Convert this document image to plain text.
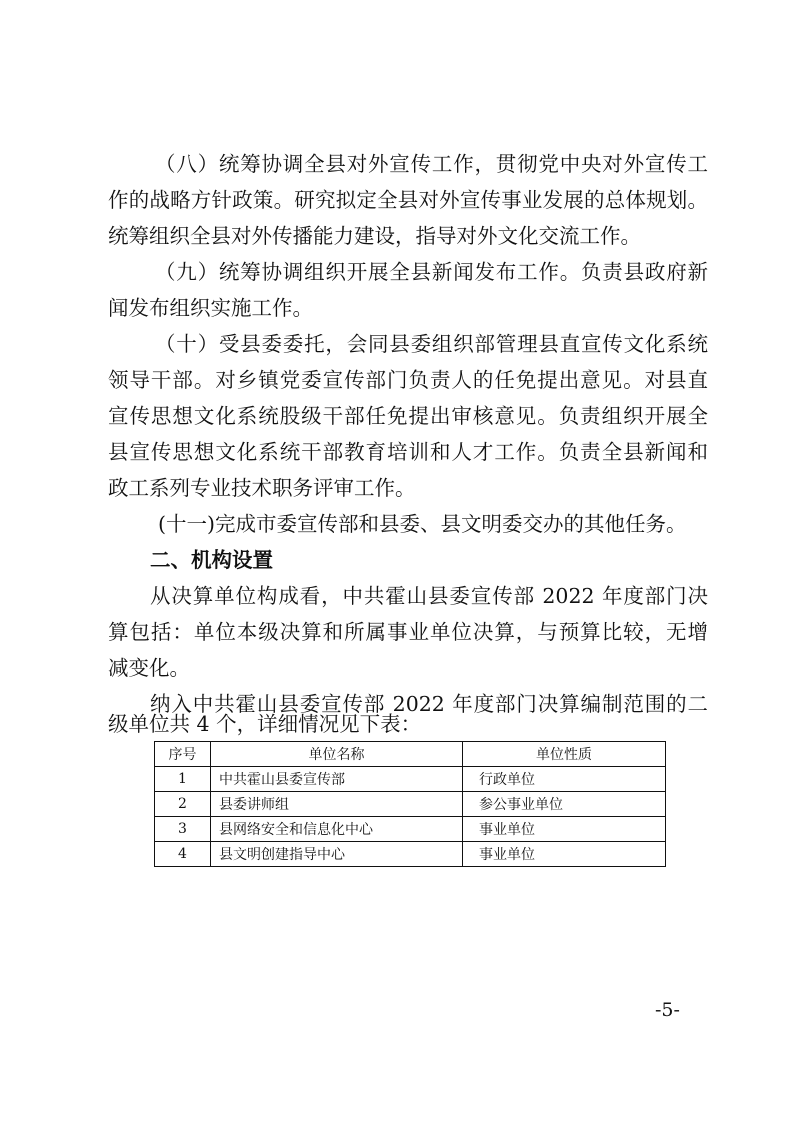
（八）统筹协调全县对外宣传工作，贯彻党中央对外宣传工
作的战略方针政策。研究拟定全县对外宣传事业发展的总体规划。
统筹组织全县对外传播能力建设，指导对外文化交流工作。
（九）统筹协调组织开展全县新闻发布工作。负责县政府新
闻发布组织实施工作。
（十）受县委委托，会同县委组织部管理县直宣传文化系统
领导干部。对乡镇党委宣传部门负责人的任免提出意见。对县直
宣传思想文化系统股级干部任免提出审核意见。负责组织开展全
县宣传思想文化系统干部教育培训和人才工作。负责全县新闻和
政工系列专业技术职务评审工作。
(十一)完成市委宣传部和县委、县文明委交办的其他任务。
二、机构设置
从决算单位构成看，中共霍山县委宣传部 2022 年度部门决
算包括：单位本级决算和所属事业单位决算，与预算比较，无增
减变化。
纳入中共霍山县委宣传部 2022 年度部门决算编制范围的二
级单位共 4 个，详细情况见下表：
序号	单位名称	单位性质
1	中共霍山县委宣传部	行政单位
2	县委讲师组	参公事业单位
3	县网络安全和信息化中心	事业单位
4	县文明创建指导中心	事业单位
-5-
